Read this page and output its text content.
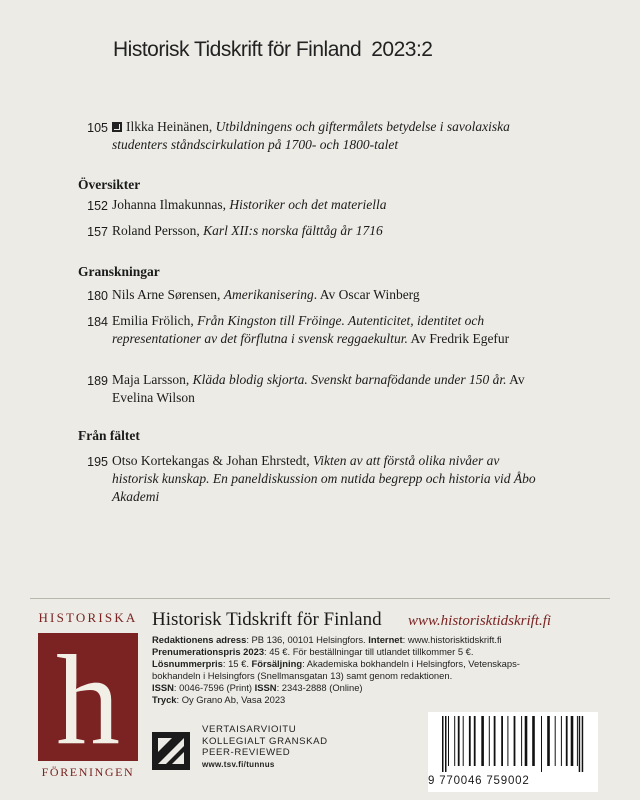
Historisk Tidskrift för Finland 2023:2
105	Ilkka Heinänen, Utbildningens och giftermålets betydelse i savolaxiska studenters ståndscirkulation på 1700- och 1800-talet
Översikter
152 Johanna Ilmakunnas, Historiker och det materiella
157 Roland Persson, Karl XII:s norska fälttåg år 1716
Granskningar
180 Nils Arne Sørensen, Amerikanisering. Av Oscar Winberg
184 Emilia Frölich, Från Kingston till Fröinge. Autenticitet, identitet och representationer av det förflutna i svensk reggaekultur. Av Fredrik Egefur
189 Maja Larsson, Kläda blodig skjorta. Svenskt barnafödande under 150 år. Av Evelina Wilson
Från fältet
195 Otso Kortekangas & Johan Ehrstedt, Vikten av att förstå olika nivåer av historisk kunskap. En paneldiskussion om nutida begrepp och historia vid Åbo Akademi
HISTORISKA
h
FÖRENINGEN
Historisk Tidskrift för Finland www.historisktidskrift.fi
Redaktionens adress: PB 136, 00101 Helsingfors. Internet: www.historisktidskrift.fi
Prenumerationspris 2023: 45 €. För beställningar till utlandet tillkommer 5 €.
Lösnummerpris: 15 €. Försäljning: Akademiska bokhandeln i Helsingfors, Vetenskaps-
bokhandeln i Helsingfors (Snellmansgatan 13) samt genom redaktionen.
ISSN: 0046-7596 (Print) ISSN: 2343-2888 (Online)
Tryck: Oy Grano Ab, Vasa 2023
VERTAISARVIOITU
KOLLEGIALT GRANSKAD
PEER-REVIEWED
www.tsv.fi/tunnus
9 770046 759002
